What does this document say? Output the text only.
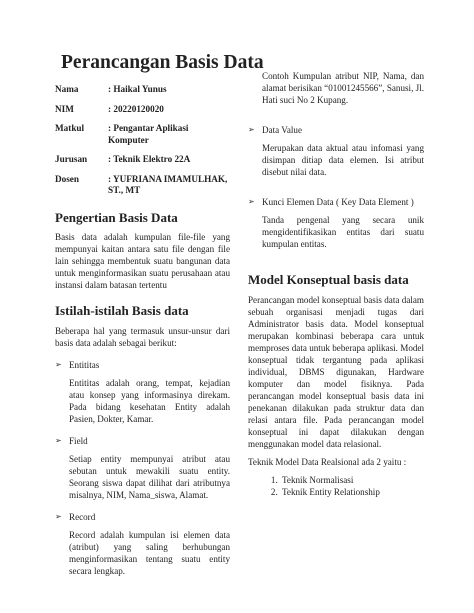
Perancangan Basis Data
Nama	: Haikal Yunus
NIM	: 20220120020
Matkul	: Pengantar Aplikasi Komputer
Jurusan	: Teknik Elektro 22A
Dosen	: YUFRIANA IMAMULHAK, ST., MT
Pengertian Basis Data

Basis data adalah kumpulan file-file yang mempunyai kaitan antara satu file dengan file lain sehingga membentuk suatu bangunan data untuk menginformasikan suatu perusahaan atau instansi dalam batasan tertentu

Istilah-istilah Basis data

Beberapa hal yang termasuk unsur-unsur dari basis data adalah sebagai berikut:

➢ Entititas

Entititas adalah orang, tempat, kejadian atau konsep yang informasinya direkam. Pada bidang kesehatan Entity adalah Pasien, Dokter, Kamar.

➢ Field

Setiap entity mempunyai atribut atau sebutan untuk mewakili suatu entity. Seorang siswa dapat dilihat dari atributnya misalnya, NIM, Nama_siswa, Alamat.

➢ Record

Record adalah kumpulan isi elemen data (atribut) yang saling berhubungan menginformasikan tentang suatu entity secara lengkap.

Contoh Kumpulan atribut NIP, Nama, dan alamat berisikan “01001245566”, Sanusi, Jl. Hati suci No 2 Kupang.

➢ Data Value

Merupakan data aktual atau infomasi yang disimpan ditiap data elemen. Isi atribut disebut nilai data.

➢ Kunci Elemen Data ( Key Data Element )

Tanda pengenal yang secara unik mengidentifikasikan entitas dari suatu kumpulan entitas.

Model Konseptual basis data

Perancangan model konseptual basis data dalam sebuah organisasi menjadi tugas dari Administrator basis data. Model konseptual merupakan kombinasi beberapa cara untuk memproses data untuk beberapa aplikasi. Model konseptual tidak tergantung pada aplikasi individual, DBMS digunakan, Hardware komputer dan model fisiknya. Pada perancangan model konseptual basis data ini penekanan dilakukan pada struktur data dan relasi antara file. Pada perancangan model konseptual ini dapat dilakukan dengan menggunakan model data relasional.

Teknik Model Data Realsional ada 2 yaitu :

1. Teknik Normalisasi
2. Teknik Entity Relationship
